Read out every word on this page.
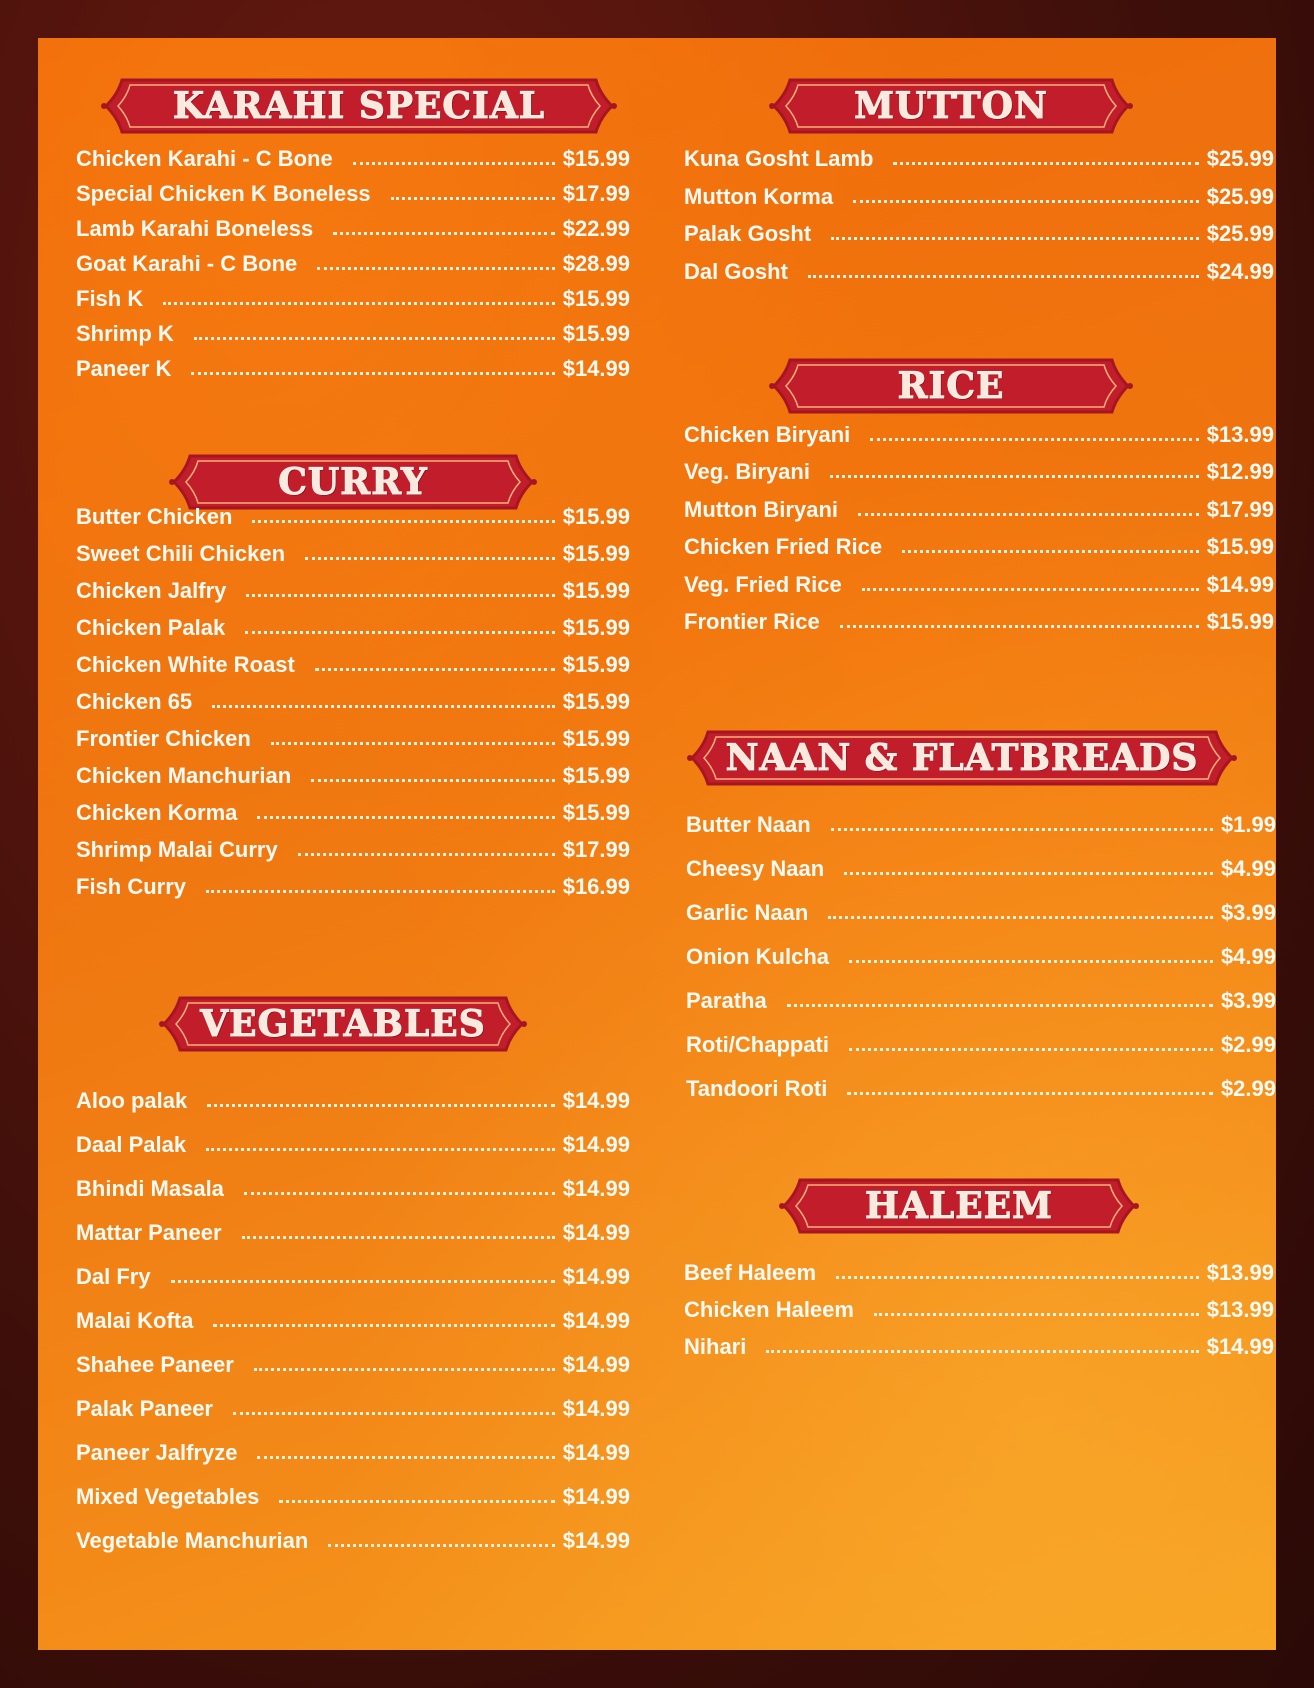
KARAHI SPECIAL
Chicken Karahi - C Bone	$15.99
Special Chicken K Boneless	$17.99
Lamb Karahi Boneless	$22.99
Goat Karahi - C Bone	$28.99
Fish K	$15.99
Shrimp K	$15.99
Paneer K	$14.99
CURRY
Butter Chicken	$15.99
Sweet Chili Chicken	$15.99
Chicken Jalfry	$15.99
Chicken Palak	$15.99
Chicken White Roast	$15.99
Chicken 65	$15.99
Frontier Chicken	$15.99
Chicken Manchurian	$15.99
Chicken Korma	$15.99
Shrimp Malai Curry	$17.99
Fish Curry	$16.99
VEGETABLES
Aloo palak	$14.99
Daal Palak	$14.99
Bhindi Masala	$14.99
Mattar Paneer	$14.99
Dal Fry	$14.99
Malai Kofta	$14.99
Shahee Paneer	$14.99
Palak Paneer	$14.99
Paneer Jalfryze	$14.99
Mixed Vegetables	$14.99
Vegetable Manchurian	$14.99
MUTTON
Kuna Gosht Lamb	$25.99
Mutton Korma	$25.99
Palak Gosht	$25.99
Dal Gosht	$24.99
RICE
Chicken Biryani	$13.99
Veg. Biryani	$12.99
Mutton Biryani	$17.99
Chicken Fried Rice	$15.99
Veg. Fried Rice	$14.99
Frontier Rice	$15.99
NAAN & FLATBREADS
Butter Naan	$1.99
Cheesy Naan	$4.99
Garlic Naan	$3.99
Onion Kulcha	$4.99
Paratha	$3.99
Roti/Chappati	$2.99
Tandoori Roti	$2.99
HALEEM
Beef Haleem	$13.99
Chicken Haleem	$13.99
Nihari	$14.99
